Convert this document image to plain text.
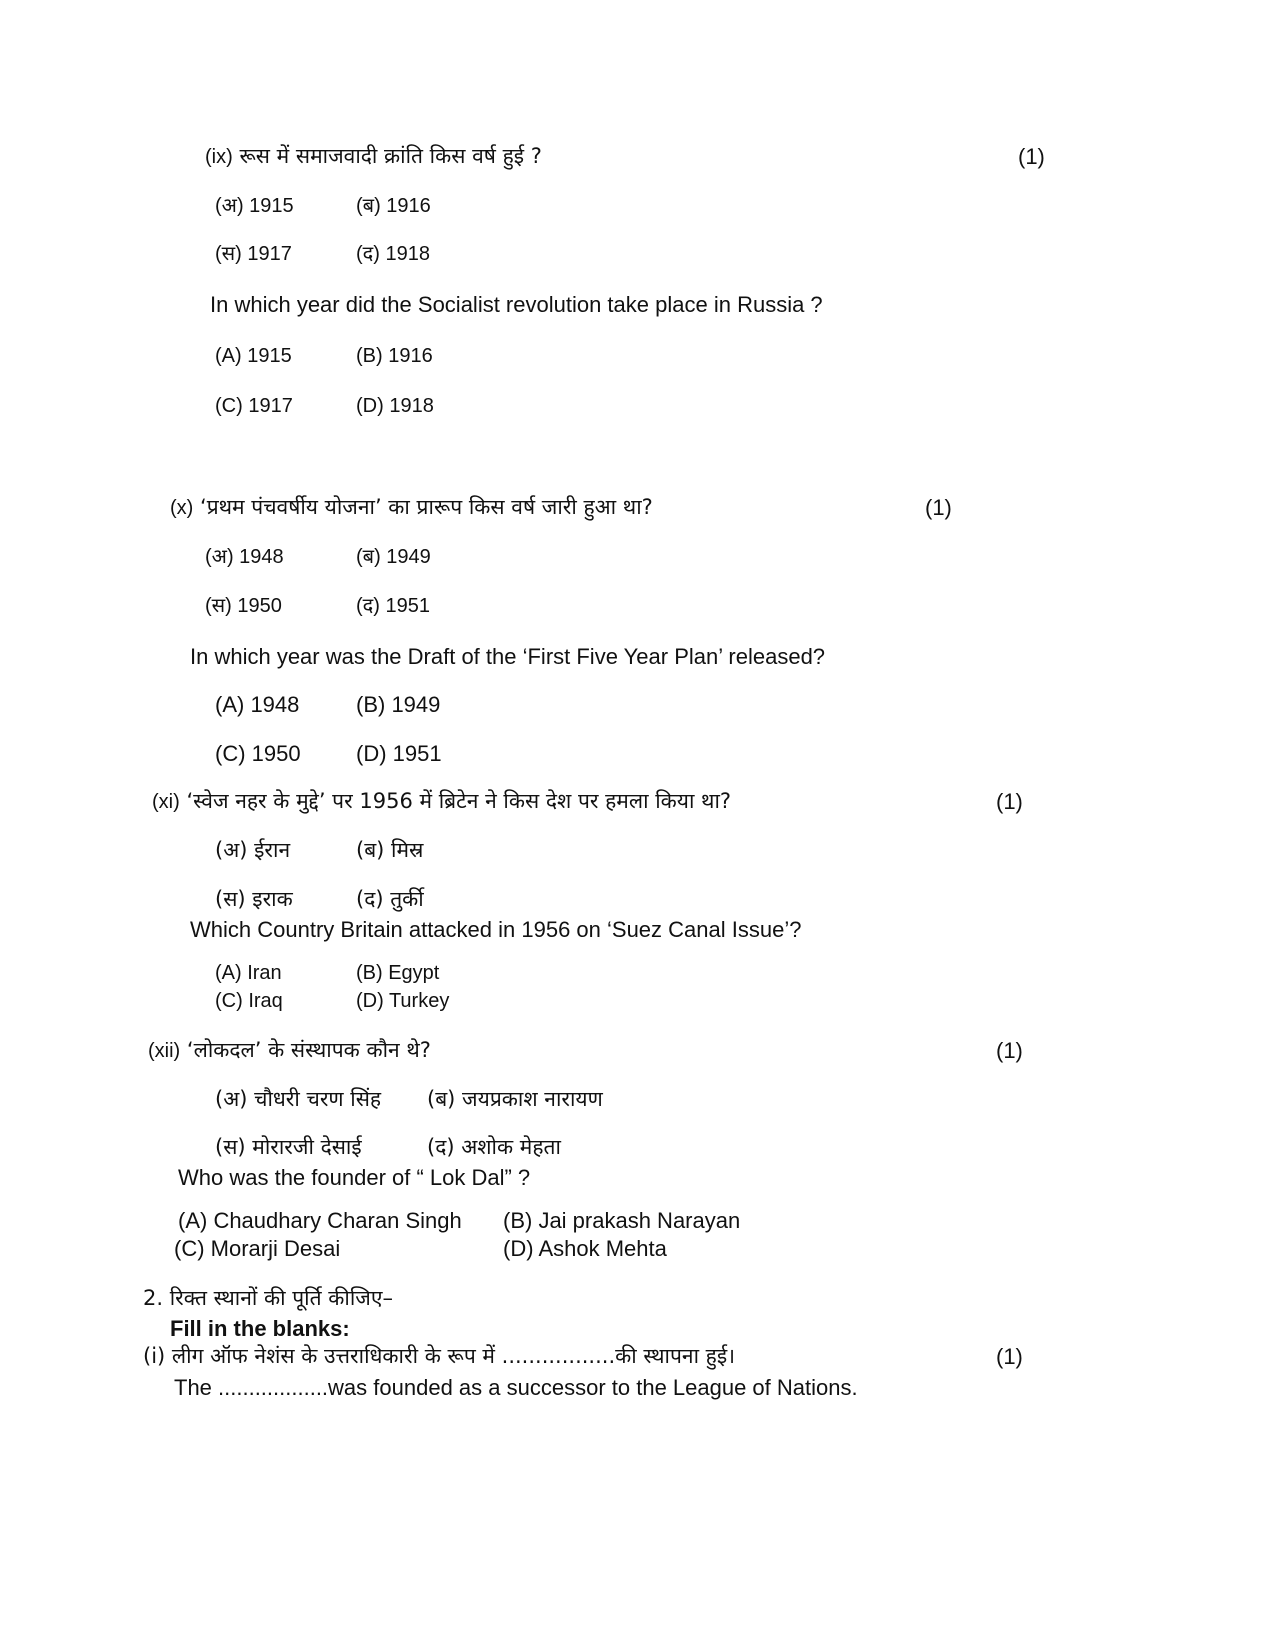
(ix) रूस में समाजवादी क्रांति किस वर्ष हुई ?	(1)
(अ) 1915	(ब) 1916
(स) 1917	(द) 1918
In which year did the Socialist revolution take place in Russia ?
(A) 1915	(B) 1916
(C) 1917	(D) 1918
(x) ‘प्रथम पंचवर्षीय योजना’ का प्रारूप किस वर्ष जारी हुआ था?	(1)
(अ) 1948	(ब) 1949
(स) 1950	(द) 1951
In which year was the Draft of the ‘First Five Year Plan’ released?
(A) 1948	(B) 1949
(C) 1950	(D) 1951
(xi) ‘स्वेज नहर के मुद्दे’ पर 1956 में ब्रिटेन ने किस देश पर हमला किया था?	(1)
(अ) ईरान	(ब) मिस्र
(स) इराक	(द) तुर्की
Which Country Britain attacked in 1956 on ‘Suez Canal Issue’?
(A) Iran	(B) Egypt
(C) Iraq	(D) Turkey
(xii) ‘लोकदल’ के संस्थापक कौन थे?	(1)
(अ) चौधरी चरण सिंह (ब) जयप्रकाश नारायण
(स) मोरारजी देसाई	(द) अशोक मेहता
Who was the founder of “ Lok Dal” ?
(A) Chaudhary Charan Singh (B) Jai prakash Narayan
(C) Morarji Desai	(D) Ashok Mehta
2. रिक्त स्थानों की पूर्ति कीजिए–
Fill in the blanks:
(i) लीग ऑफ नेशंस के उत्तराधिकारी के रूप में .................की स्थापना हुई।	(1)
The ..................was founded as a successor to the League of Nations.
